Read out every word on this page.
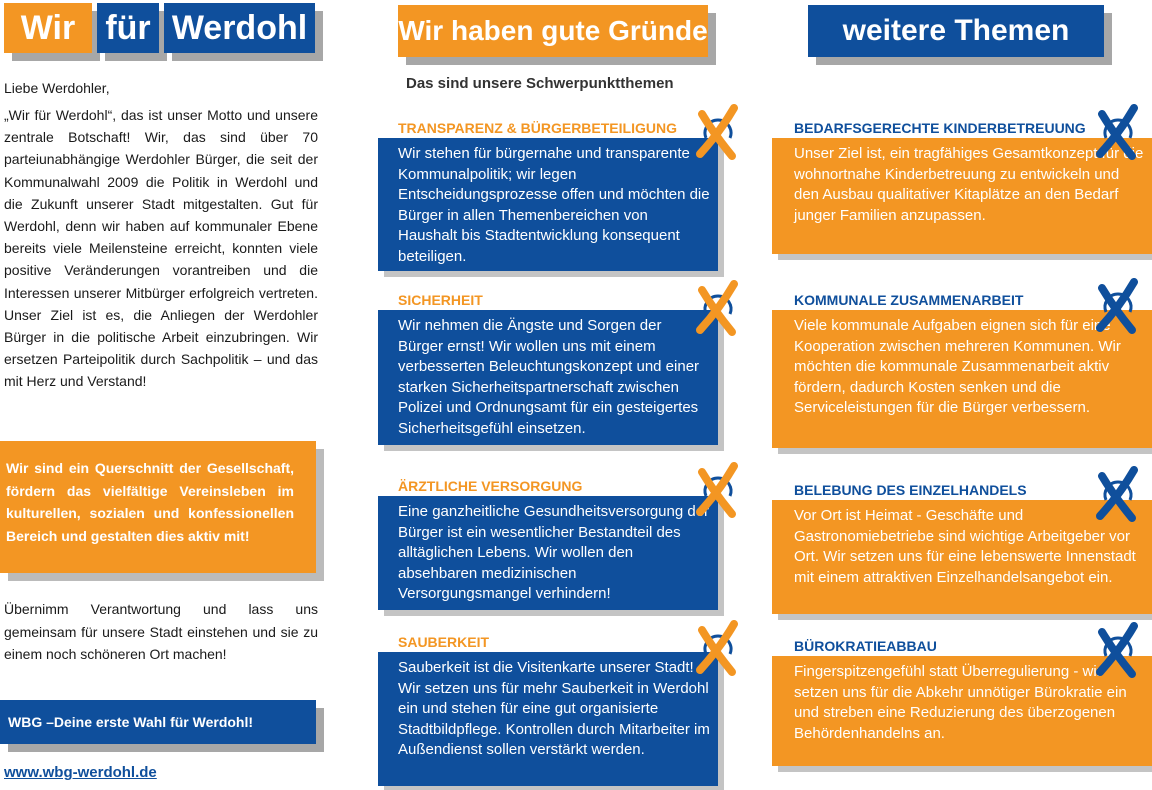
Wir für Werdohl
Liebe Werdohler,
„Wir für Werdohl“, das ist unser Motto und unsere zentrale Botschaft! Wir, das sind über 70 parteiunabhängige Werdohler Bürger, die seit der Kommunalwahl 2009 die Politik in Werdohl und die Zukunft unserer Stadt mitgestalten. Gut für Werdohl, denn wir haben auf kommunaler Ebene bereits viele Meilensteine erreicht, konnten viele positive Veränderungen vorantreiben und die Interessen unserer Mitbürger erfolgreich vertreten. Unser Ziel ist es, die Anliegen der Werdohler Bürger in die politische Arbeit einzubringen. Wir ersetzen Parteipolitik durch Sachpolitik – und das mit Herz und Verstand!
Wir sind ein Querschnitt der Gesellschaft, fördern das vielfältige Vereinsleben im kulturellen, sozialen und konfessionellen Bereich und gestalten dies aktiv mit!
Übernimm Verantwortung und lass uns gemeinsam für unsere Stadt einstehen und sie zu einem noch schöneren Ort machen!
WBG –Deine erste Wahl für Werdohl!
www.wbg-werdohl.de
Wir haben gute Gründe
Das sind unsere Schwerpunktthemen
TRANSPARENZ & BÜRGERBETEILIGUNG
Wir stehen für bürgernahe und transparente Kommunalpolitik; wir legen Entscheidungsprozesse offen und möchten die Bürger in allen Themenbereichen von Haushalt bis Stadtentwicklung konsequent beteiligen.
SICHERHEIT
Wir nehmen die Ängste und Sorgen der Bürger ernst! Wir wollen uns mit einem verbesserten Beleuchtungskonzept und einer starken Sicherheitspartnerschaft zwischen Polizei und Ordnungsamt für ein gesteigertes Sicherheitsgefühl einsetzen.
ÄRZTLICHE VERSORGUNG
Eine ganzheitliche Gesundheitsversorgung der Bürger ist ein wesentlicher Bestandteil des alltäglichen Lebens. Wir wollen den absehbaren medizinischen Versorgungsmangel verhindern!
SAUBERKEIT
Sauberkeit ist die Visitenkarte unserer Stadt! Wir setzen uns für mehr Sauberkeit in Werdohl ein und stehen für eine gut organisierte Stadtbildpflege. Kontrollen durch Mitarbeiter im Außendienst sollen verstärkt werden.
weitere Themen
BEDARFSGERECHTE KINDERBETREUUNG
Unser Ziel ist, ein tragfähiges Gesamtkonzept für die wohnortnahe Kinderbetreuung zu entwickeln und den Ausbau qualitativer Kitaplätze an den Bedarf junger Familien anzupassen.
KOMMUNALE ZUSAMMENARBEIT
Viele kommunale Aufgaben eignen sich für eine Kooperation zwischen mehreren Kommunen. Wir möchten die kommunale Zusammenarbeit aktiv fördern, dadurch Kosten senken und die Serviceleistungen für die Bürger verbessern.
BELEBUNG DES EINZELHANDELS
Vor Ort ist Heimat - Geschäfte und Gastronomiebetriebe sind wichtige Arbeitgeber vor Ort. Wir setzen uns für eine lebenswerte Innenstadt mit einem attraktiven Einzelhandelsangebot ein.
BÜROKRATIEABBAU
Fingerspitzengefühl statt Überregulierung - wir setzen uns für die Abkehr unnötiger Bürokratie ein und streben eine Reduzierung des überzogenen Behördenhandelns an.
